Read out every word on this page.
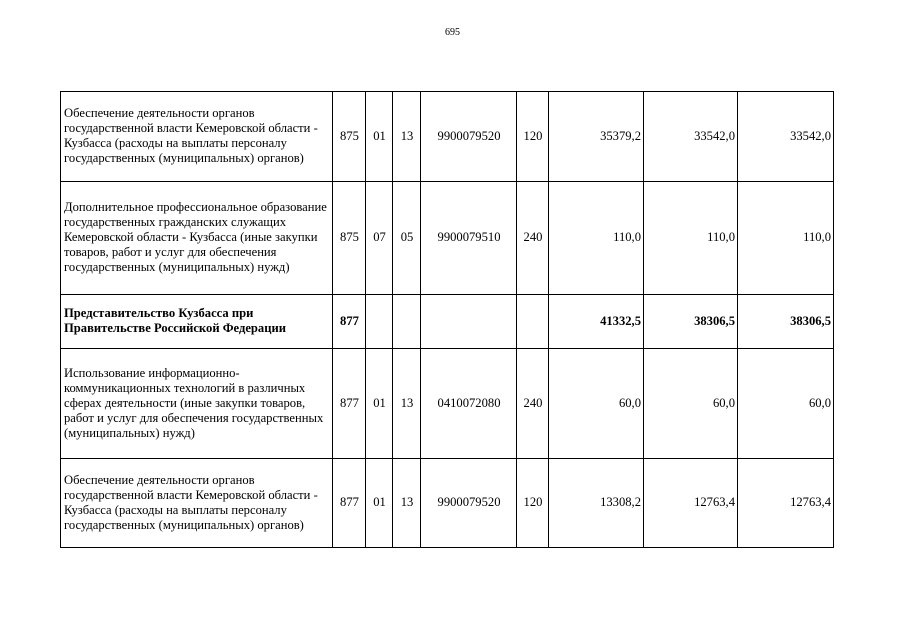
695
Обеспечение деятельности органов государственной власти Кемеровской области - Кузбасса (расходы на выплаты персоналу государственных (муниципальных) органов)	875	01	13	9900079520	120	35379,2	33542,0	33542,0
Дополнительное профессиональное образование государственных гражданских служащих Кемеровской области - Кузбасса (иные закупки товаров, работ и услуг для обеспечения государственных (муниципальных) нужд)	875	07	05	9900079510	240	110,0	110,0	110,0
Представительство Кузбасса при Правительстве Российской Федерации	877					41332,5	38306,5	38306,5
Использование информационно-коммуникационных технологий в различных сферах деятельности (иные закупки товаров, работ и услуг для обеспечения государственных (муниципальных) нужд)	877	01	13	0410072080	240	60,0	60,0	60,0
Обеспечение деятельности органов государственной власти Кемеровской области - Кузбасса (расходы на выплаты персоналу государственных (муниципальных) органов)	877	01	13	9900079520	120	13308,2	12763,4	12763,4
